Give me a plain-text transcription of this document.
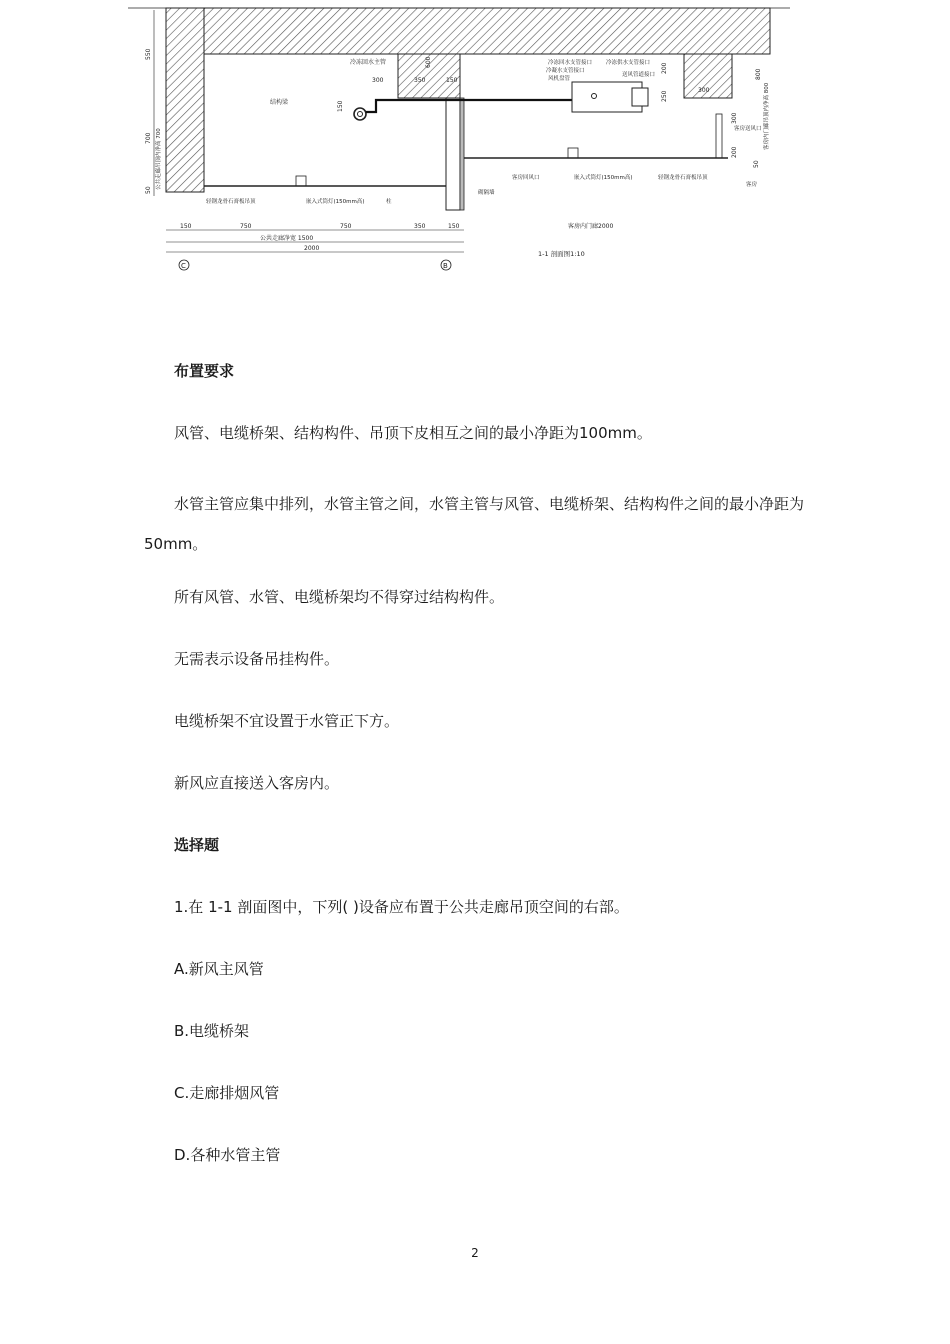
冷冻回水主管
结构梁
冷冻回水支管接口
冷凝水支管接口
风机盘管
冷冻供水支管接口
送风管道接口
客房回风口	嵌入式筒灯(150mm高)	轻钢龙骨石膏板吊顶
轻钢龙骨石膏板吊顶	嵌入式筒灯(150mm高)	柱
砌隔墙
客房
客房送风口
公共走廊吊顶内净高 700
客房内门廊吊顶内净高 800
550
700
50
300	350	150
600
150
200
250
300
800
300
200
50
150	750	750	350	150	客房内门廊2000
公共走廊净宽 1500
2000
C	B
1-1 剖面图1:10
布置要求
风管、电缆桥架、结构构件、吊顶下皮相互之间的最小净距为100mm。
水管主管应集中排列，水管主管之间，水管主管与风管、电缆桥架、结构构件之间的最小净距为50mm。
所有风管、水管、电缆桥架均不得穿过结构构件。
无需表示设备吊挂构件。
电缆桥架不宜设置于水管正下方。
新风应直接送入客房内。
选择题
1.在 1-1 剖面图中，下列( )设备应布置于公共走廊吊顶空间的右部。
A.新风主风管
B.电缆桥架
C.走廊排烟风管
D.各种水管主管
2
